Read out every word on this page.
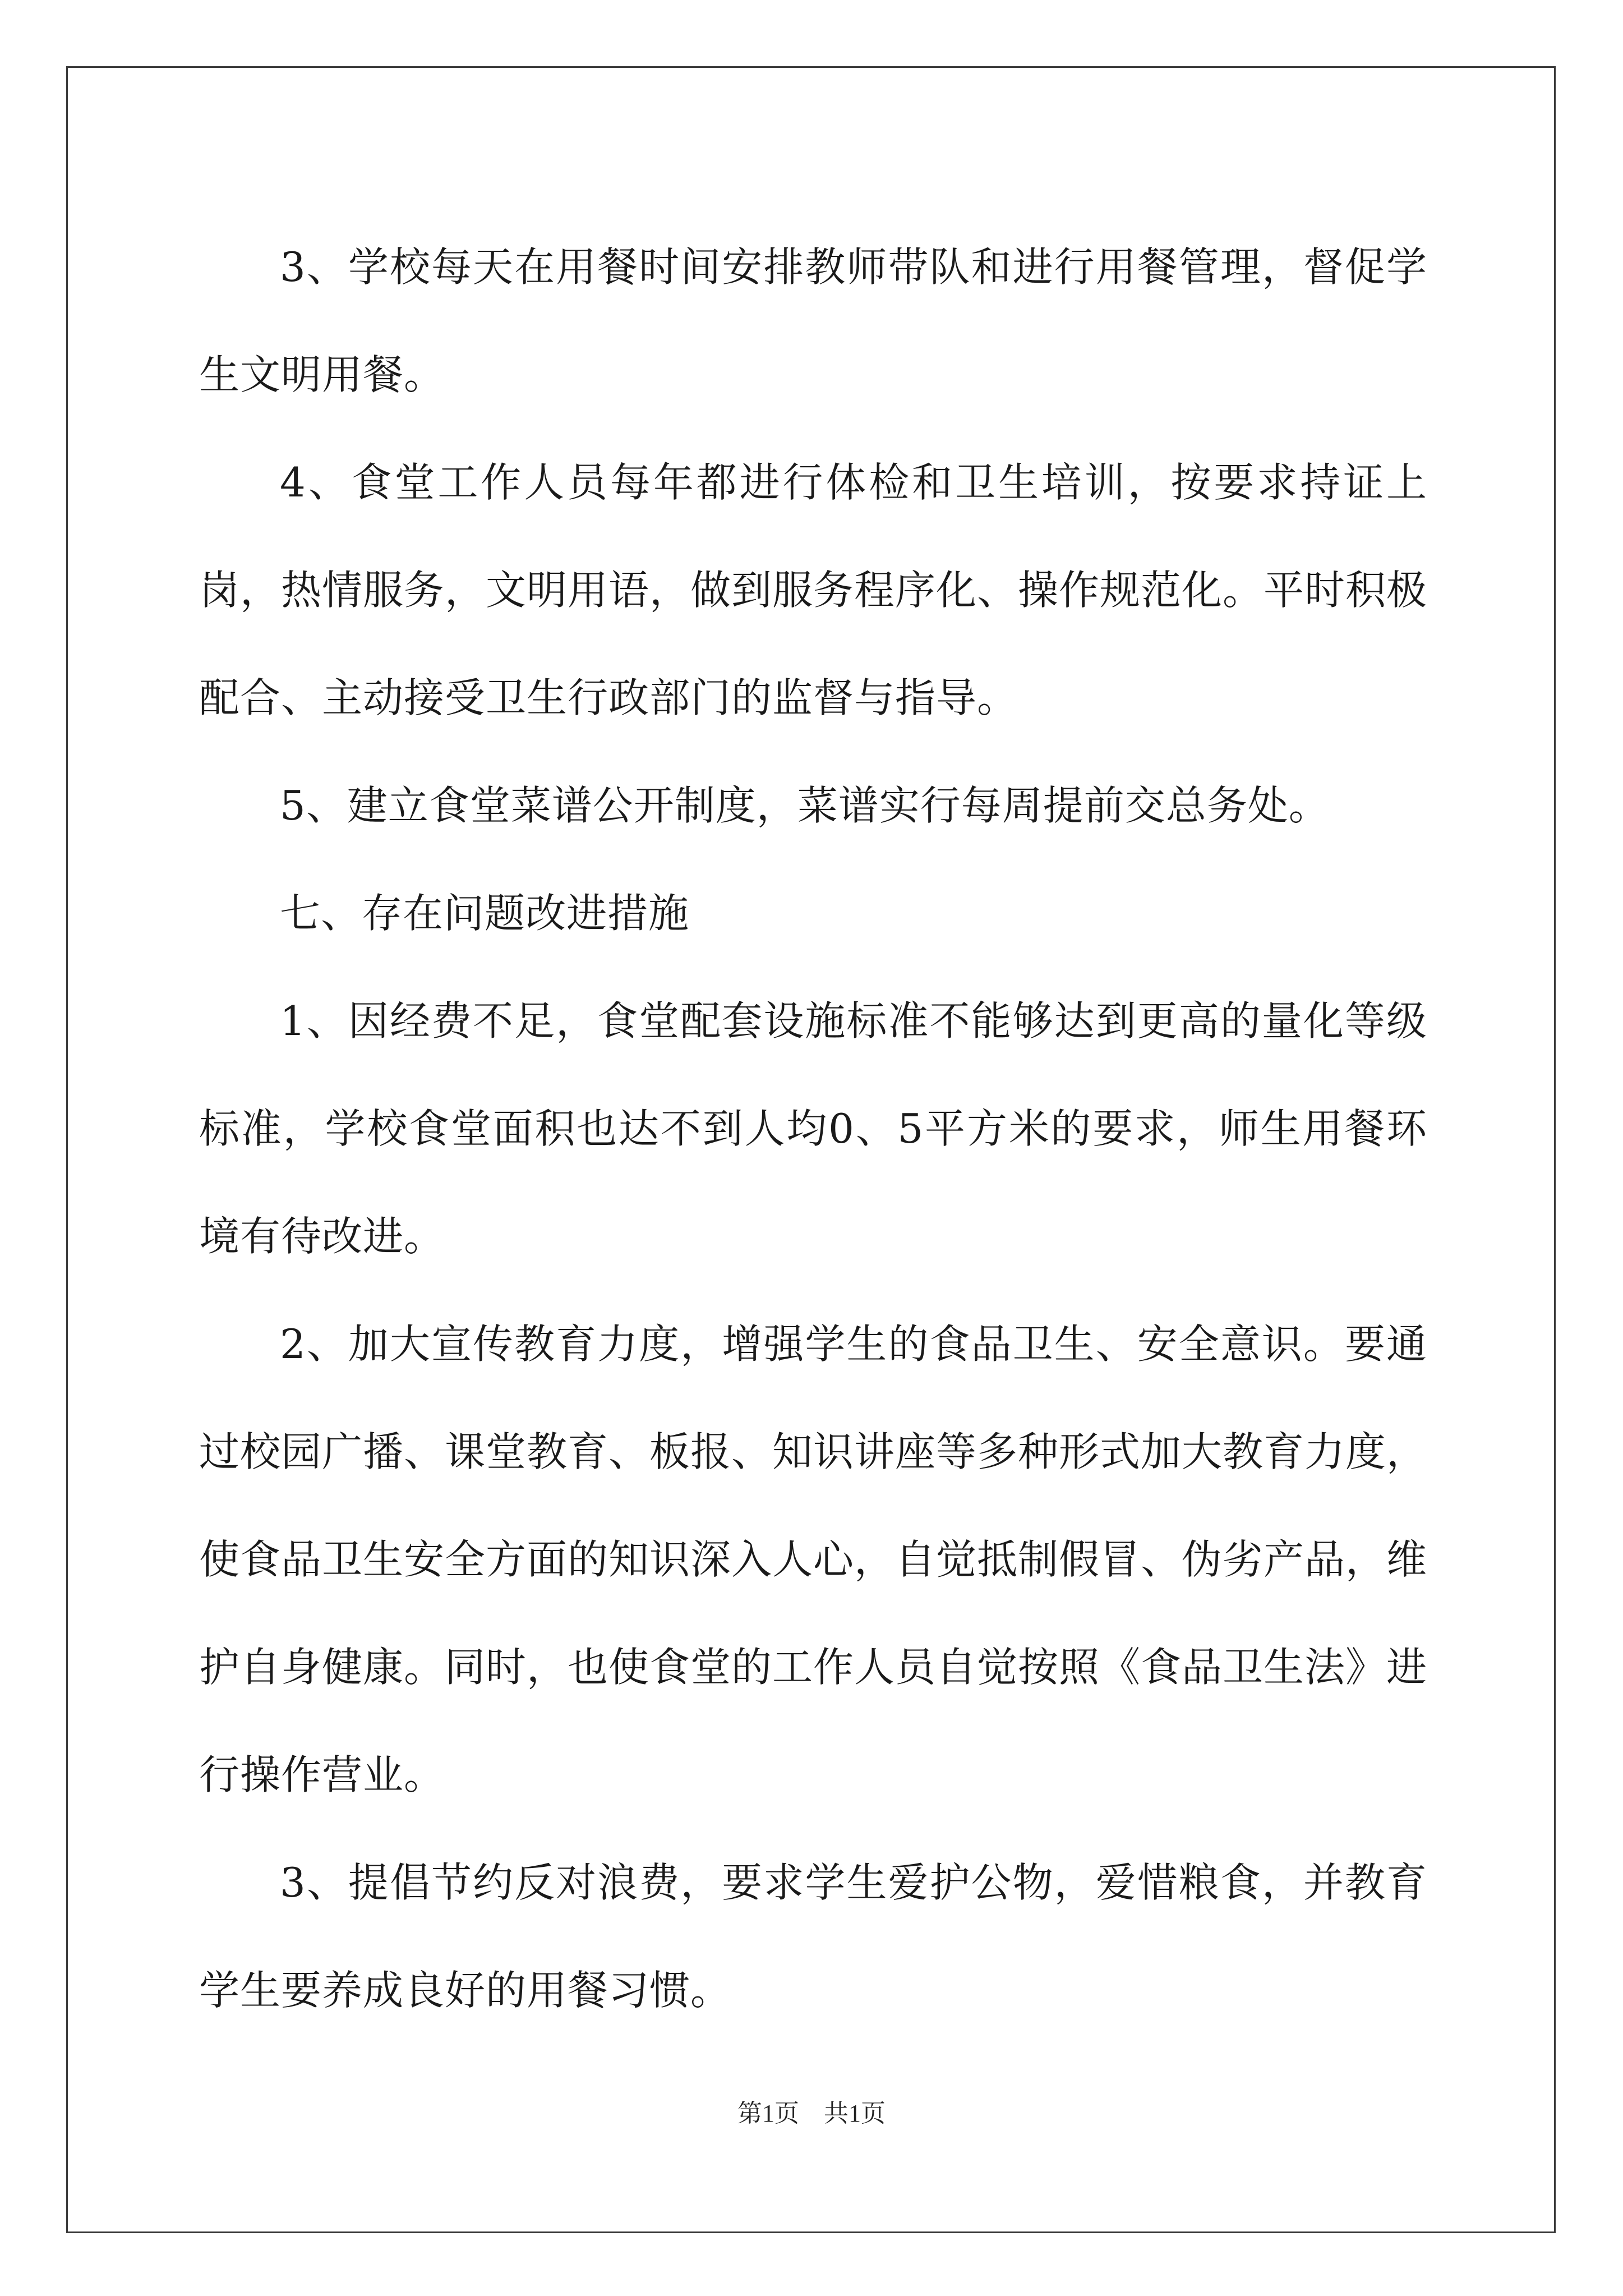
3、学校每天在用餐时间安排教师带队和进行用餐管理，督促学生文明用餐。

4、食堂工作人员每年都进行体检和卫生培训，按要求持证上岗，热情服务，文明用语，做到服务程序化、操作规范化。平时积极配合、主动接受卫生行政部门的监督与指导。

5、建立食堂菜谱公开制度，菜谱实行每周提前交总务处。

七、存在问题改进措施

1、因经费不足，食堂配套设施标准不能够达到更高的量化等级标准，学校食堂面积也达不到人均0、5平方米的要求，师生用餐环境有待改进。

2、加大宣传教育力度，增强学生的食品卫生、安全意识。要通过校园广播、课堂教育、板报、知识讲座等多种形式加大教育力度，使食品卫生安全方面的知识深入人心，自觉抵制假冒、伪劣产品，维护自身健康。同时，也使食堂的工作人员自觉按照《食品卫生法》进行操作营业。

3、提倡节约反对浪费，要求学生爱护公物，爱惜粮食，并教育学生要养成良好的用餐习惯。

第1页 共1页
